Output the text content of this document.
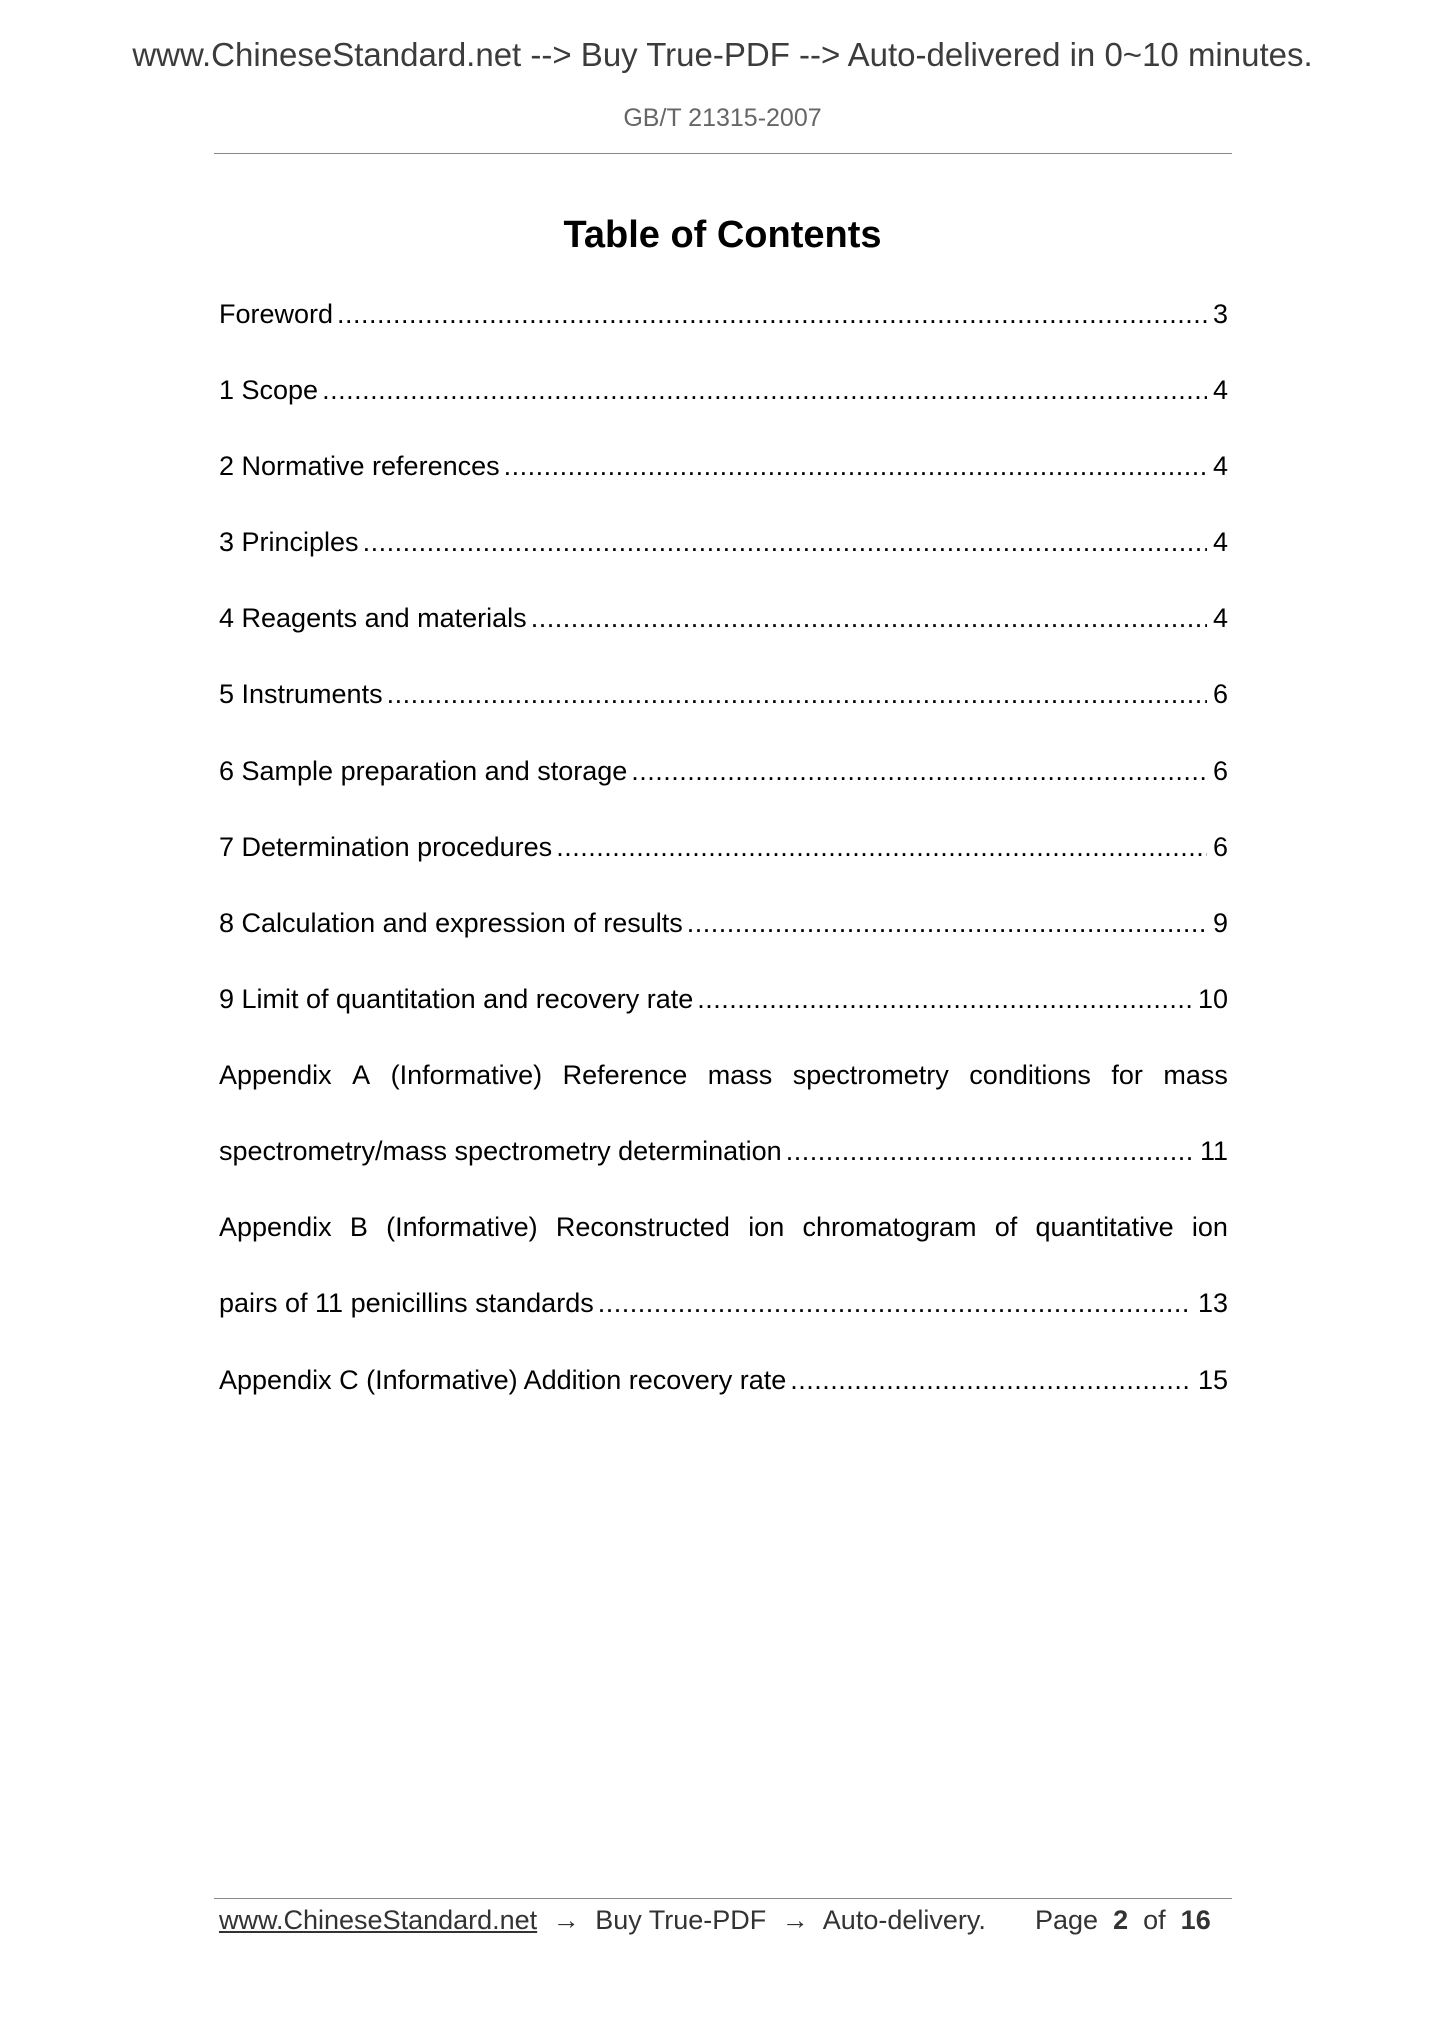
www.ChineseStandard.net --> Buy True-PDF --> Auto-delivered in 0~10 minutes.
GB/T 21315-2007
Table of Contents
Foreword .....	3
1 Scope .....	4
2 Normative references .....	4
3 Principles .....	4
4 Reagents and materials .....	4
5 Instruments .....	6
6 Sample preparation and storage .....	6
7 Determination procedures .....	6
8 Calculation and expression of results .....	9
9 Limit of quantitation and recovery rate .....	10
Appendix A (Informative) Reference mass spectrometry conditions for mass
spectrometry/mass spectrometry determination .....	11
Appendix B (Informative) Reconstructed ion chromatogram of quantitative ion
pairs of 11 penicillins standards .....	13
Appendix C (Informative) Addition recovery rate .....	15
www.ChineseStandard.net → Buy True-PDF → Auto-delivery. Page 2 of 16
